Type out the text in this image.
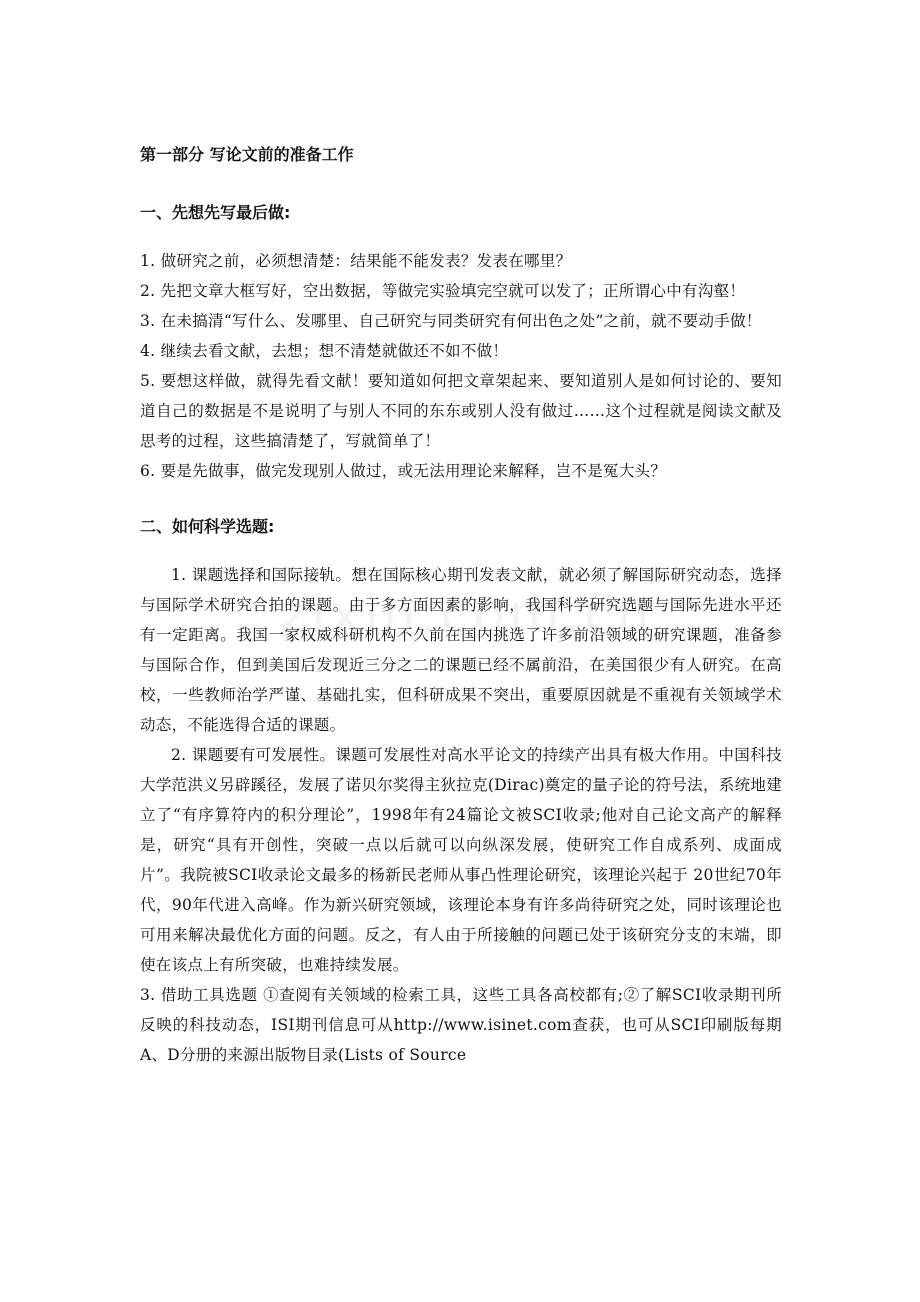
第一部分 写论文前的准备工作
一、先想先写最后做:

1. 做研究之前，必须想清楚：结果能不能发表？发表在哪里？

2. 先把文章大框写好，空出数据，等做完实验填完空就可以发了；正所谓心中有沟壑！

3. 在未搞清“写什么、发哪里、自己研究与同类研究有何出色之处”之前，就不要动手做！

4. 继续去看文献，去想；想不清楚就做还不如不做！

5. 要想这样做，就得先看文献！要知道如何把文章架起来、要知道别人是如何讨论的、要知道自己的数据是不是说明了与别人不同的东东或别人没有做过……这个过程就是阅读文献及思考的过程，这些搞清楚了，写就简单了！

6. 要是先做事，做完发现别人做过，或无法用理论来解释，岂不是冤大头？

二、如何科学选题:

1. 课题选择和国际接轨。想在国际核心期刊发表文献，就必须了解国际研究动态，选择与国际学术研究合拍的课题。由于多方面因素的影响，我国科学研究选题与国际先进水平还有一定距离。我国一家权威科研机构不久前在国内挑选了许多前沿领域的研究课题，准备参与国际合作，但到美国后发现近三分之二的课题已经不属前沿，在美国很少有人研究。在高校，一些教师治学严谨、基础扎实，但科研成果不突出，重要原因就是不重视有关领域学术动态，不能选得合适的课题。

2. 课题要有可发展性。课题可发展性对高水平论文的持续产出具有极大作用。中国科技大学范洪义另辟蹊径，发展了诺贝尔奖得主狄拉克(Dirac)奠定的量子论的符号法，系统地建立了“有序算符内的积分理论”，1998年有24篇论文被SCI收录;他对自己论文高产的解释是，研究“具有开创性，突破一点以后就可以向纵深发展，使研究工作自成系列、成面成片”。我院被SCI收录论文最多的杨新民老师从事凸性理论研究，该理论兴起于 20世纪70年代，90年代进入高峰。作为新兴研究领域，该理论本身有许多尚待研究之处，同时该理论也可用来解决最优化方面的问题。反之，有人由于所接触的问题已处于该研究分支的末端，即使在该点上有所突破，也难持续发展。

3. 借助工具选题 ①查阅有关领域的检索工具，这些工具各高校都有;②了解SCI收录期刊所反映的科技动态，ISI期刊信息可从http://www.isinet.com查获，也可从SCI印刷版每期A、D分册的来源出版物目录(Lists of Source
